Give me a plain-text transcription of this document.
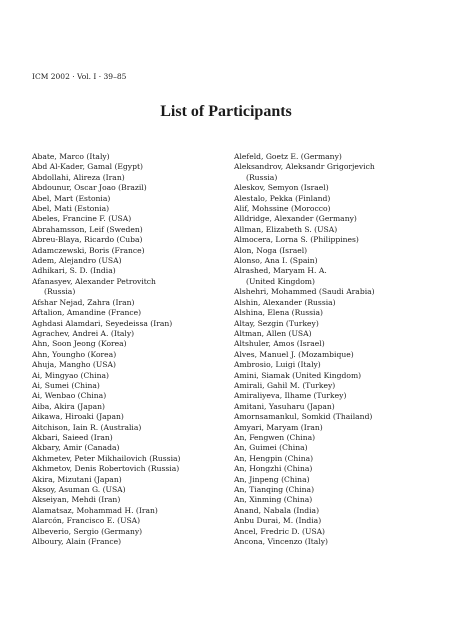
ICM 2002 · Vol. I · 39–85
List of Participants
Abate, Marco (Italy)
Abd Al-Kader, Gamal (Egypt)
Abdollahi, Alireza (Iran)
Abdounur, Oscar Joao (Brazil)
Abel, Mart (Estonia)
Abel, Mati (Estonia)
Abeles, Francine F. (USA)
Abrahamsson, Leif (Sweden)
Abreu-Blaya, Ricardo (Cuba)
Adamczewski, Boris (France)
Adem, Alejandro (USA)
Adhikari, S. D. (India)
Afanasyev, Alexander Petrovitch
(Russia)
Afshar Nejad, Zahra (Iran)
Aftalion, Amandine (France)
Aghdasi Alamdari, Seyedeissa (Iran)
Agrachev, Andrei A. (Italy)
Ahn, Soon Jeong (Korea)
Ahn, Youngho (Korea)
Ahuja, Mangho (USA)
Ai, Mingyao (China)
Ai, Sumei (China)
Ai, Wenbao (China)
Aiba, Akira (Japan)
Aikawa, Hiroaki (Japan)
Aitchison, Iain R. (Australia)
Akbari, Saieed (Iran)
Akbary, Amir (Canada)
Akhmetev, Peter Mikhailovich (Russia)
Akhmetov, Denis Robertovich (Russia)
Akira, Mizutani (Japan)
Aksoy, Asuman G. (USA)
Akseiyan, Mehdi (Iran)
Alamatsaz, Mohammad H. (Iran)
Alarcón, Francisco E. (USA)
Albeverio, Sergio (Germany)
Alboury, Alain (France)
Alefeld, Goetz E. (Germany)
Aleksandrov, Aleksandr Grigorjevich
(Russia)
Aleskov, Semyon (Israel)
Alestalo, Pekka (Finland)
Alif, Mohssine (Morocco)
Alldridge, Alexander (Germany)
Allman, Elizabeth S. (USA)
Almocera, Lorna S. (Philippines)
Alon, Noga (Israel)
Alonso, Ana I. (Spain)
Alrashed, Maryam H. A.
(United Kingdom)
Alshehri, Mohammed (Saudi Arabia)
Alshin, Alexander (Russia)
Alshina, Elena (Russia)
Altay, Sezgin (Turkey)
Altman, Allen (USA)
Altshuler, Amos (Israel)
Alves, Manuel J. (Mozambique)
Ambrosio, Luigi (Italy)
Amini, Siamak (United Kingdom)
Amirali, Gahil M. (Turkey)
Amiraliyeva, Ilhame (Turkey)
Amitani, Yasuharu (Japan)
Amornsamankul, Somkid (Thailand)
Amyari, Maryam (Iran)
An, Fengwen (China)
An, Guimei (China)
An, Hengpin (China)
An, Hongzhi (China)
An, Jinpeng (China)
An, Tianqing (China)
An, Xinming (China)
Anand, Nabala (India)
Anbu Durai, M. (India)
Ancel, Fredric D. (USA)
Ancona, Vincenzo (Italy)
